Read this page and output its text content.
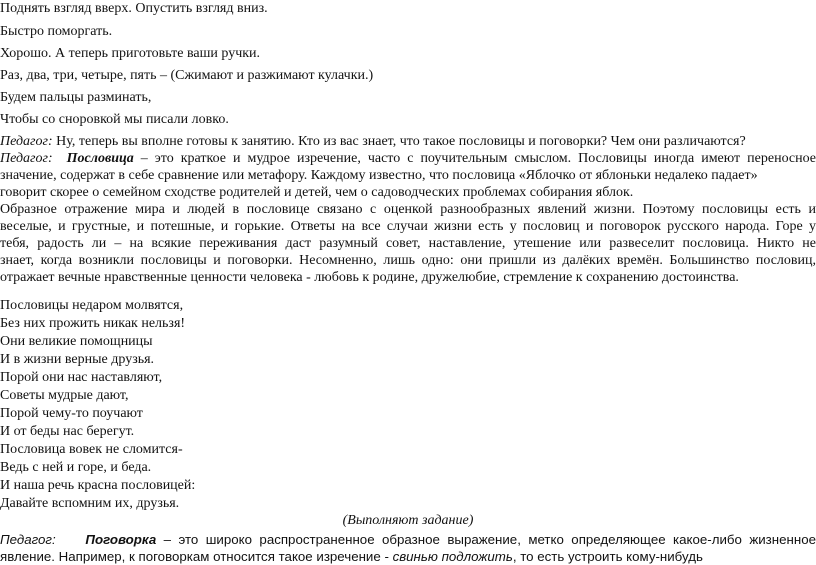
Поднять взгляд вверх. Опустить взгляд вниз.
Быстро поморгать.
Хорошо. А теперь приготовьте ваши ручки.
Раз, два, три, четыре, пять – (Сжимают и разжимают кулачки.)
Будем пальцы разминать,
Чтобы со сноровкой мы писали ловко.
Педагог: Ну, теперь вы вполне готовы к занятию. Кто из вас знает, что такое пословицы и поговорки? Чем они различаются?
Педагог: Пословица – это краткое и мудрое изречение, часто с поучительным смыслом. Пословицы иногда имеют переносное
значение, содержат в себе сравнение или метафору. Каждому известно, что пословица «Яблочко от яблоньки недалеко падает»
говорит скорее о семейном сходстве родителей и детей, чем о садоводческих проблемах собирания яблок.
Образное отражение мира и людей в пословице связано с оценкой разнообразных явлений жизни. Поэтому пословицы есть и
веселые, и грустные, и потешные, и горькие. Ответы на все случаи жизни есть у пословиц и поговорок русского народа. Горе у
тебя, радость ли – на всякие переживания даст разумный совет, наставление, утешение или развеселит пословица. Никто не
знает, когда возникли пословицы и поговорки. Несомненно, лишь одно: они пришли из далёких времён. Большинство пословиц,
отражает вечные нравственные ценности человека - любовь к родине, дружелюбие, стремление к сохранению достоинства.
Пословицы недаром молвятся,
Без них прожить никак нельзя!
Они великие помощницы
И в жизни верные друзья.
Порой они нас наставляют,
Советы мудрые дают,
Порой чему-то поучают
И от беды нас берегут.
Пословица вовек не сломится-
Ведь с ней и горе, и беда.
И наша речь красна пословицей:
Давайте вспомним их, друзья.
(Выполняют задание)
Педагог: Поговорка – это широко распространенное образное выражение, метко определяющее какое-либо жизненное
явление. Например, к поговоркам относится такое изречение - свинью подложить, то есть устроить кому-нибудь
